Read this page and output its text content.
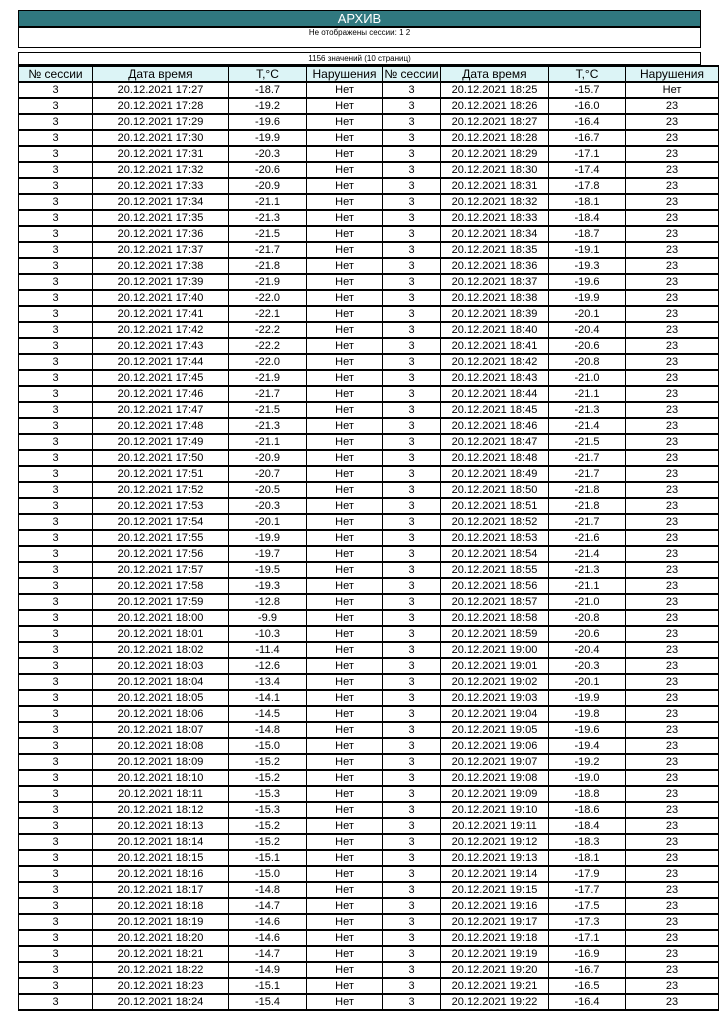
АРХИВ
Не отображены сессии: 1 2
1156 значений (10 страниц)
№ сессии	Дата время	T,°C	Нарушения	№ сессии	Дата время	T,°C	Нарушения
3	20.12.2021 17:27	-18.7	Нет	3	20.12.2021 18:25	-15.7	Нет
3	20.12.2021 17:28	-19.2	Нет	3	20.12.2021 18:26	-16.0	23
3	20.12.2021 17:29	-19.6	Нет	3	20.12.2021 18:27	-16.4	23
3	20.12.2021 17:30	-19.9	Нет	3	20.12.2021 18:28	-16.7	23
3	20.12.2021 17:31	-20.3	Нет	3	20.12.2021 18:29	-17.1	23
3	20.12.2021 17:32	-20.6	Нет	3	20.12.2021 18:30	-17.4	23
3	20.12.2021 17:33	-20.9	Нет	3	20.12.2021 18:31	-17.8	23
3	20.12.2021 17:34	-21.1	Нет	3	20.12.2021 18:32	-18.1	23
3	20.12.2021 17:35	-21.3	Нет	3	20.12.2021 18:33	-18.4	23
3	20.12.2021 17:36	-21.5	Нет	3	20.12.2021 18:34	-18.7	23
3	20.12.2021 17:37	-21.7	Нет	3	20.12.2021 18:35	-19.1	23
3	20.12.2021 17:38	-21.8	Нет	3	20.12.2021 18:36	-19.3	23
3	20.12.2021 17:39	-21.9	Нет	3	20.12.2021 18:37	-19.6	23
3	20.12.2021 17:40	-22.0	Нет	3	20.12.2021 18:38	-19.9	23
3	20.12.2021 17:41	-22.1	Нет	3	20.12.2021 18:39	-20.1	23
3	20.12.2021 17:42	-22.2	Нет	3	20.12.2021 18:40	-20.4	23
3	20.12.2021 17:43	-22.2	Нет	3	20.12.2021 18:41	-20.6	23
3	20.12.2021 17:44	-22.0	Нет	3	20.12.2021 18:42	-20.8	23
3	20.12.2021 17:45	-21.9	Нет	3	20.12.2021 18:43	-21.0	23
3	20.12.2021 17:46	-21.7	Нет	3	20.12.2021 18:44	-21.1	23
3	20.12.2021 17:47	-21.5	Нет	3	20.12.2021 18:45	-21.3	23
3	20.12.2021 17:48	-21.3	Нет	3	20.12.2021 18:46	-21.4	23
3	20.12.2021 17:49	-21.1	Нет	3	20.12.2021 18:47	-21.5	23
3	20.12.2021 17:50	-20.9	Нет	3	20.12.2021 18:48	-21.7	23
3	20.12.2021 17:51	-20.7	Нет	3	20.12.2021 18:49	-21.7	23
3	20.12.2021 17:52	-20.5	Нет	3	20.12.2021 18:50	-21.8	23
3	20.12.2021 17:53	-20.3	Нет	3	20.12.2021 18:51	-21.8	23
3	20.12.2021 17:54	-20.1	Нет	3	20.12.2021 18:52	-21.7	23
3	20.12.2021 17:55	-19.9	Нет	3	20.12.2021 18:53	-21.6	23
3	20.12.2021 17:56	-19.7	Нет	3	20.12.2021 18:54	-21.4	23
3	20.12.2021 17:57	-19.5	Нет	3	20.12.2021 18:55	-21.3	23
3	20.12.2021 17:58	-19.3	Нет	3	20.12.2021 18:56	-21.1	23
3	20.12.2021 17:59	-12.8	Нет	3	20.12.2021 18:57	-21.0	23
3	20.12.2021 18:00	-9.9	Нет	3	20.12.2021 18:58	-20.8	23
3	20.12.2021 18:01	-10.3	Нет	3	20.12.2021 18:59	-20.6	23
3	20.12.2021 18:02	-11.4	Нет	3	20.12.2021 19:00	-20.4	23
3	20.12.2021 18:03	-12.6	Нет	3	20.12.2021 19:01	-20.3	23
3	20.12.2021 18:04	-13.4	Нет	3	20.12.2021 19:02	-20.1	23
3	20.12.2021 18:05	-14.1	Нет	3	20.12.2021 19:03	-19.9	23
3	20.12.2021 18:06	-14.5	Нет	3	20.12.2021 19:04	-19.8	23
3	20.12.2021 18:07	-14.8	Нет	3	20.12.2021 19:05	-19.6	23
3	20.12.2021 18:08	-15.0	Нет	3	20.12.2021 19:06	-19.4	23
3	20.12.2021 18:09	-15.2	Нет	3	20.12.2021 19:07	-19.2	23
3	20.12.2021 18:10	-15.2	Нет	3	20.12.2021 19:08	-19.0	23
3	20.12.2021 18:11	-15.3	Нет	3	20.12.2021 19:09	-18.8	23
3	20.12.2021 18:12	-15.3	Нет	3	20.12.2021 19:10	-18.6	23
3	20.12.2021 18:13	-15.2	Нет	3	20.12.2021 19:11	-18.4	23
3	20.12.2021 18:14	-15.2	Нет	3	20.12.2021 19:12	-18.3	23
3	20.12.2021 18:15	-15.1	Нет	3	20.12.2021 19:13	-18.1	23
3	20.12.2021 18:16	-15.0	Нет	3	20.12.2021 19:14	-17.9	23
3	20.12.2021 18:17	-14.8	Нет	3	20.12.2021 19:15	-17.7	23
3	20.12.2021 18:18	-14.7	Нет	3	20.12.2021 19:16	-17.5	23
3	20.12.2021 18:19	-14.6	Нет	3	20.12.2021 19:17	-17.3	23
3	20.12.2021 18:20	-14.6	Нет	3	20.12.2021 19:18	-17.1	23
3	20.12.2021 18:21	-14.7	Нет	3	20.12.2021 19:19	-16.9	23
3	20.12.2021 18:22	-14.9	Нет	3	20.12.2021 19:20	-16.7	23
3	20.12.2021 18:23	-15.1	Нет	3	20.12.2021 19:21	-16.5	23
3	20.12.2021 18:24	-15.4	Нет	3	20.12.2021 19:22	-16.4	23
